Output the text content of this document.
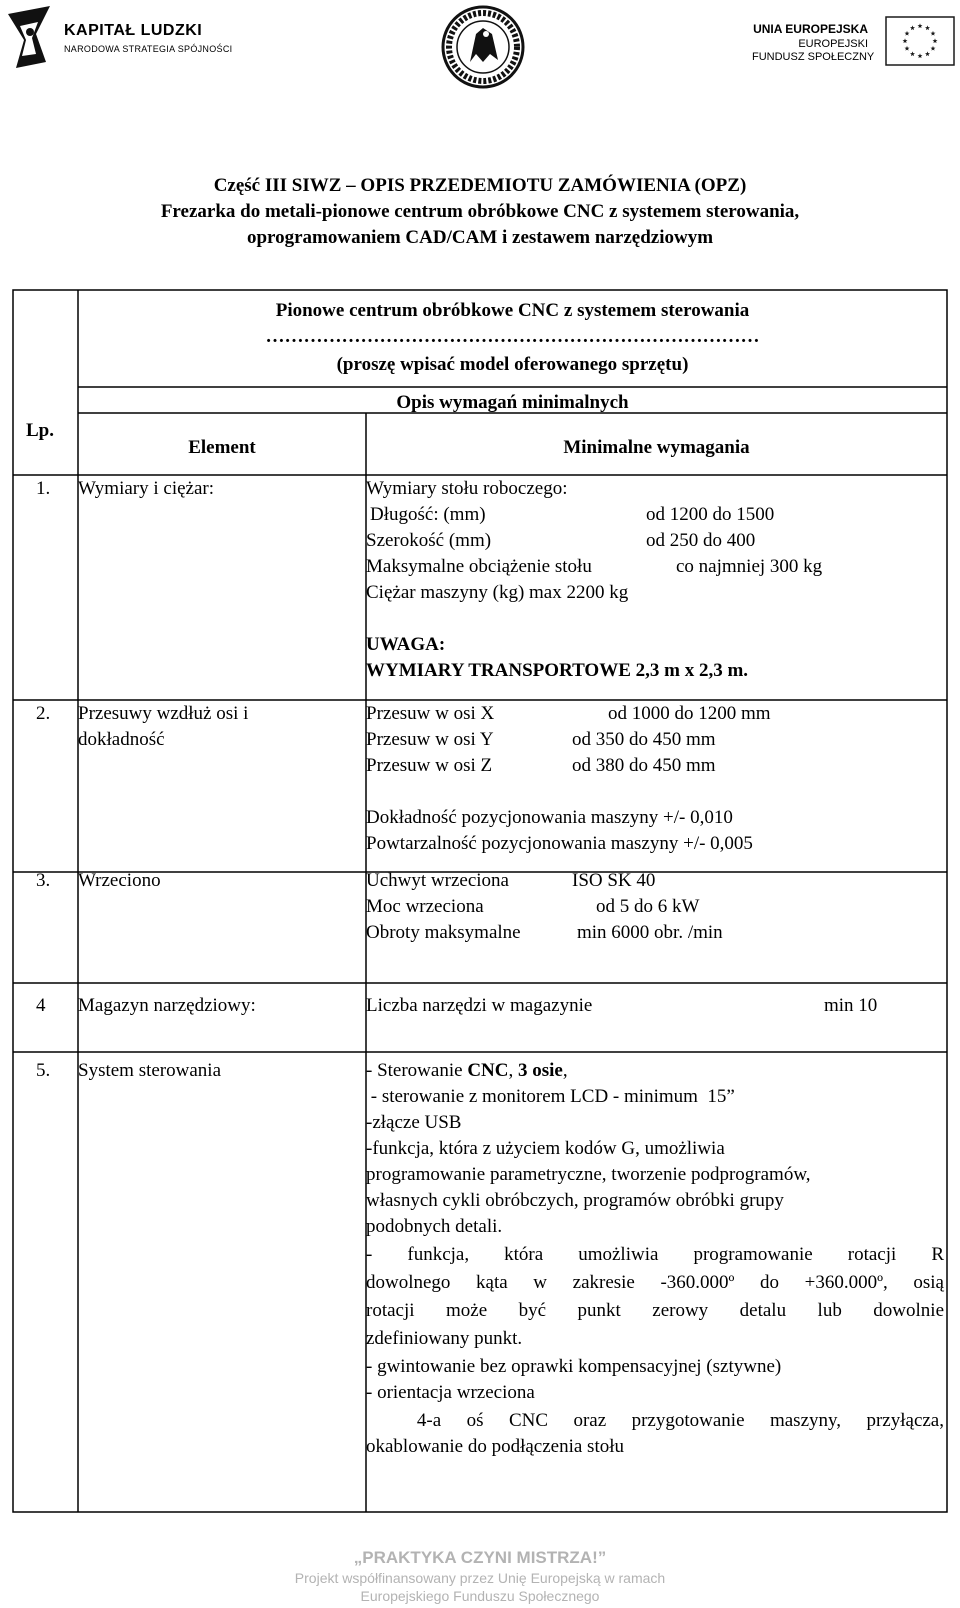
KAPITAŁ LUDZKI
NARODOWA STRATEGIA SPÓJNOŚCI
UNIA EUROPEJSKA
EUROPEJSKI
FUNDUSZ SPOŁECZNY
Część III SIWZ – OPIS PRZEDEMIOTU ZAMÓWIENIA (OPZ)
Frezarka do metali-pionowe centrum obróbkowe CNC z systemem sterowania,
oprogramowaniem CAD/CAM i zestawem narzędziowym
Lp.
Pionowe centrum obróbkowe CNC z systemem sterowania
……………………………………………………………………
(proszę wpisać model oferowanego sprzętu)
Opis wymagań minimalnych
Element	Minimalne wymagania
1. Wymiary i ciężar:	Wymiary stołu roboczego:
Długość: (mm)	od 1200 do 1500
Szerokość (mm)	od 250 do 400
Maksymalne obciążenie stołu	co najmniej 300 kg
Ciężar maszyny (kg) max 2200 kg
UWAGA:
WYMIARY TRANSPORTOWE 2,3 m x 2,3 m.
2. Przesuwy wzdłuż osi i
dokładność
Przesuw w osi X	od 1000 do 1200 mm
Przesuw w osi Y	od 350 do 450 mm
Przesuw w osi Z	od 380 do 450 mm
Dokładność pozycjonowania maszyny +/- 0,010
Powtarzalność pozycjonowania maszyny +/- 0,005
3. Wrzeciono	Uchwyt wrzeciona	ISO SK 40
Moc wrzeciona	od 5 do 6 kW
Obroty maksymalne	min 6000 obr. /min
4 Magazyn narzędziowy:	Liczba narzędzi w magazynie	min 10
5. System sterowania	- Sterowanie CNC, 3 osie,
- sterowanie z monitorem LCD - minimum  15”
-złącze USB
-funkcja, która z użyciem kodów G, umożliwia
programowanie parametryczne, tworzenie podprogramów,
własnych cykli obróbczych, programów obróbki grupy
podobnych detali.
- funkcja, która umożliwia programowanie rotacji R
dowolnego kąta w zakresie -360.000º do +360.000º, osią
rotacji może być punkt zerowy detalu lub dowolnie
zdefiniowany punkt.
- gwintowanie bez oprawki kompensacyjnej (sztywne)
- orientacja wrzeciona
4-a oś CNC oraz przygotowanie maszyny, przyłącza,
okablowanie do podłączenia stołu
„PRAKTYKA CZYNI MISTRZA!”
Projekt współfinansowany przez Unię Europejską w ramach
Europejskiego Funduszu Społecznego
